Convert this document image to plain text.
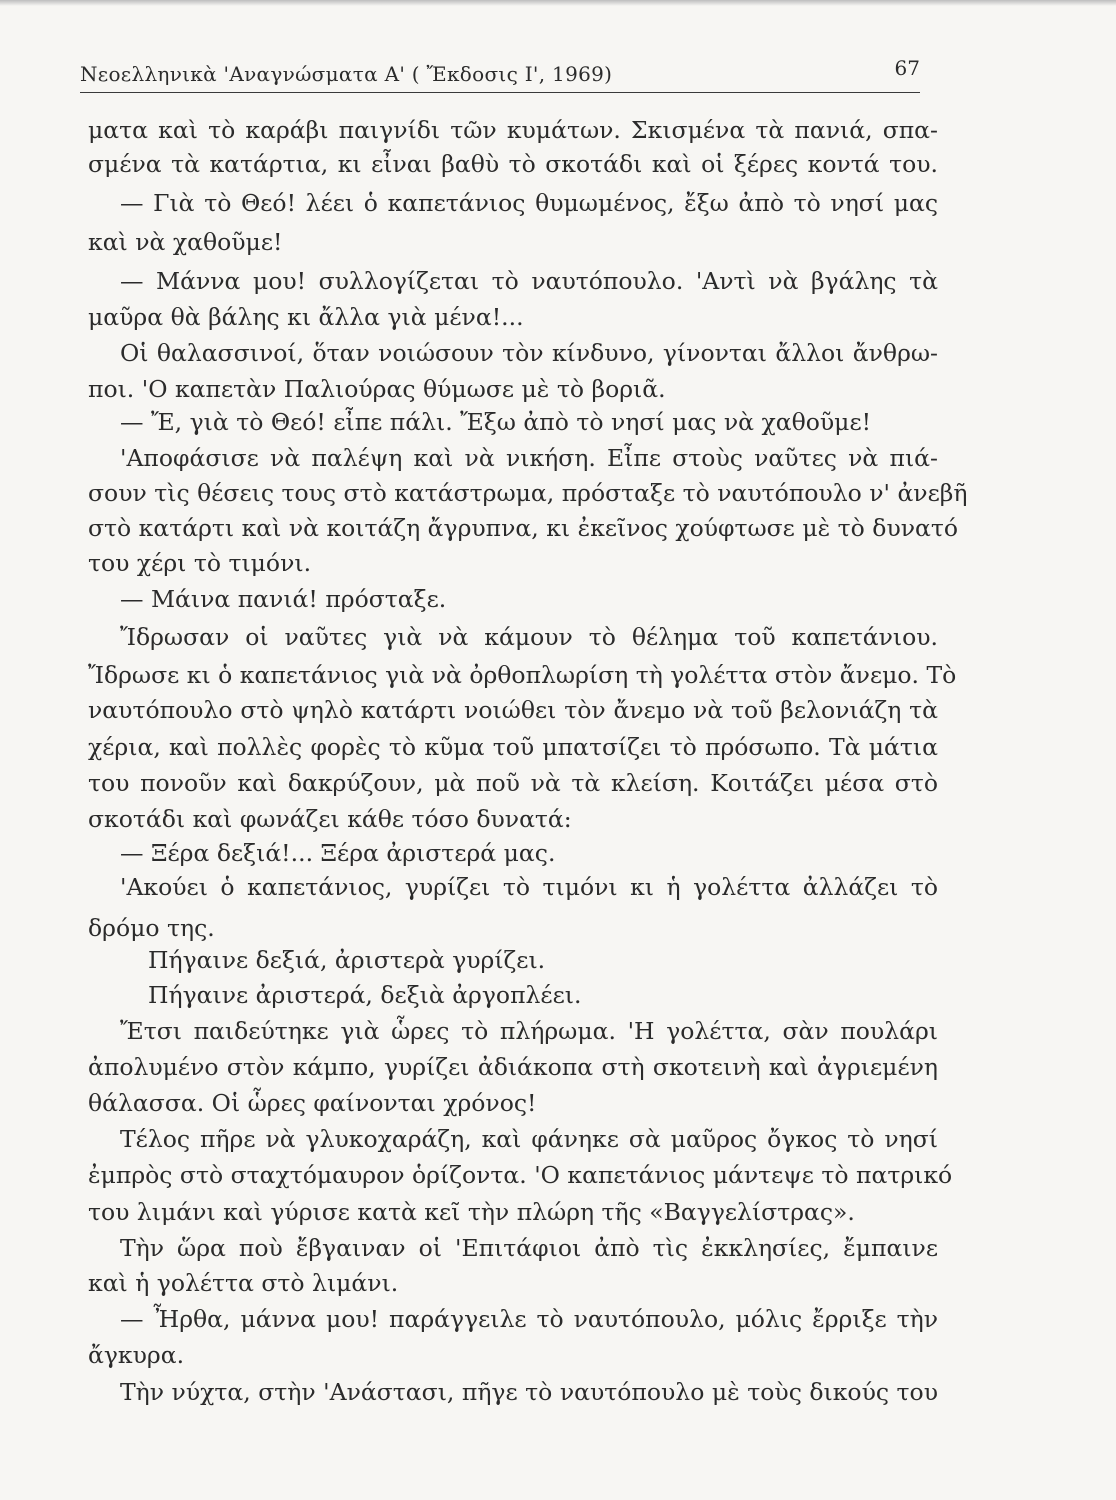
Νεοελληνικὰ 'Αναγνώσματα Α' ( Ἔκδοσις Ι', 1969)	67
ματα καὶ τὸ καράβι παιγνίδι τῶν κυμάτων. Σκισμένα τὰ πανιά, σπα-
σμένα τὰ κατάρτια, κι εἶναι βαθὺ τὸ σκοτάδι καὶ οἱ ξέρες κοντά του.
— Γιὰ τὸ Θεό! λέει ὁ καπετάνιος θυμωμένος, ἔξω ἀπὸ τὸ νησί μας
καὶ νὰ χαθοῦμε!
— Μάννα μου! συλλογίζεται τὸ ναυτόπουλο. 'Αντὶ νὰ βγάλης τὰ
μαῦρα θὰ βάλης κι ἄλλα γιὰ μένα!...
Οἱ θαλασσινοί, ὅταν νοιώσουν τὸν κίνδυνο, γίνονται ἄλλοι ἄνθρω-
ποι. 'Ο καπετὰν Παλιούρας θύμωσε μὲ τὸ βοριᾶ.
— Ἔ, γιὰ τὸ Θεό! εἶπε πάλι. Ἔξω ἀπὸ τὸ νησί μας νὰ χαθοῦμε!
'Αποφάσισε νὰ παλέψη καὶ νὰ νικήση. Εἶπε στοὺς ναῦτες νὰ πιά-
σουν τὶς θέσεις τους στὸ κατάστρωμα, πρόσταξε τὸ ναυτόπουλο ν' ἀνεβῆ
στὸ κατάρτι καὶ νὰ κοιτάζη ἄγρυπνα, κι ἐκεῖνος χούφτωσε μὲ τὸ δυνατό
του χέρι τὸ τιμόνι.
— Μάινα πανιά! πρόσταξε.
Ἴδρωσαν οἱ ναῦτες γιὰ νὰ κάμουν τὸ θέλημα τοῦ καπετάνιου.
Ἴδρωσε κι ὁ καπετάνιος γιὰ νὰ ὀρθοπλωρίση τὴ γολέττα στὸν ἄνεμο. Τὸ
ναυτόπουλο στὸ ψηλὸ κατάρτι νοιώθει τὸν ἄνεμο νὰ τοῦ βελονιάζη τὰ
χέρια, καὶ πολλὲς φορὲς τὸ κῦμα τοῦ μπατσίζει τὸ πρόσωπο. Τὰ μάτια
του πονοῦν καὶ δακρύζουν, μὰ ποῦ νὰ τὰ κλείση. Κοιτάζει μέσα στὸ
σκοτάδι καὶ φωνάζει κάθε τόσο δυνατά:
— Ξέρα δεξιά!... Ξέρα ἀριστερά μας.
'Ακούει ὁ καπετάνιος, γυρίζει τὸ τιμόνι κι ἡ γολέττα ἀλλάζει τὸ
δρόμο της.
Πήγαινε δεξιά, ἀριστερὰ γυρίζει.
Πήγαινε ἀριστερά, δεξιὰ ἀργοπλέει.
Ἔτσι παιδεύτηκε γιὰ ὧρες τὸ πλήρωμα. 'Η γολέττα, σὰν πουλάρι
ἀπολυμένο στὸν κάμπο, γυρίζει ἀδιάκοπα στὴ σκοτεινὴ καὶ ἀγριεμένη
θάλασσα. Οἱ ὧρες φαίνονται χρόνος!
Τέλος πῆρε νὰ γλυκοχαράζη, καὶ φάνηκε σὰ μαῦρος ὄγκος τὸ νησί
ἐμπρὸς στὸ σταχτόμαυρον ὁρίζοντα. 'Ο καπετάνιος μάντεψε τὸ πατρικό
του λιμάνι καὶ γύρισε κατὰ κεῖ τὴν πλώρη τῆς «Βαγγελίστρας».
Τὴν ὥρα ποὺ ἔβγαιναν οἱ 'Επιτάφιοι ἀπὸ τὶς ἐκκλησίες, ἔμπαινε
καὶ ἡ γολέττα στὸ λιμάνι.
— Ἦρθα, μάννα μου! παράγγειλε τὸ ναυτόπουλο, μόλις ἔρριξε τὴν
ἄγκυρα.
Τὴν νύχτα, στὴν 'Ανάστασι, πῆγε τὸ ναυτόπουλο μὲ τοὺς δικούς του
